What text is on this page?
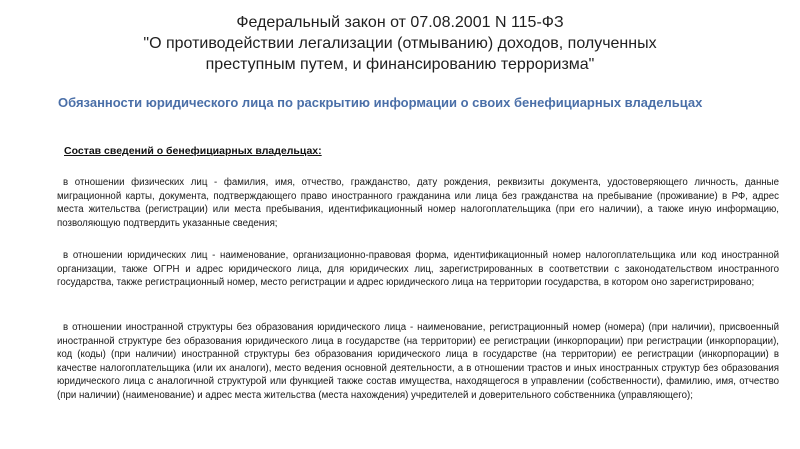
Федеральный закон от 07.08.2001 N 115-ФЗ
"О противодействии легализации (отмыванию) доходов, полученных
преступным путем, и финансированию терроризма"
Обязанности юридического лица по раскрытию информации о своих бенефициарных владельцах
Состав сведений о бенефициарных владельцах:
в отношении физических лиц - фамилия, имя, отчество, гражданство, дату рождения, реквизиты документа, удостоверяющего личность, данные миграционной карты, документа, подтверждающего право иностранного гражданина или лица без гражданства на пребывание (проживание) в РФ, адрес места жительства (регистрации) или места пребывания, идентификационный номер налогоплательщика (при его наличии), а также иную информацию, позволяющую подтвердить указанные сведения;
в отношении юридических лиц - наименование, организационно-правовая форма, идентификационный номер налогоплательщика или код иностранной организации, также ОГРН и адрес юридического лица, для юридических лиц, зарегистрированных в соответствии с законодательством иностранного государства, также регистрационный номер, место регистрации и адрес юридического лица на территории государства, в котором оно зарегистрировано;
в отношении иностранной структуры без образования юридического лица - наименование, регистрационный номер (номера) (при наличии), присвоенный иностранной структуре без образования юридического лица в государстве (на территории) ее регистрации (инкорпорации) при регистрации (инкорпорации), код (коды) (при наличии) иностранной структуры без образования юридического лица в государстве (на территории) ее регистрации (инкорпорации) в качестве налогоплательщика (или их аналоги), место ведения основной деятельности, а в отношении трастов и иных иностранных структур без образования юридического лица с аналогичной структурой или функцией также состав имущества, находящегося в управлении (собственности), фамилию, имя, отчество (при наличии) (наименование) и адрес места жительства (места нахождения) учредителей и доверительного собственника (управляющего);
